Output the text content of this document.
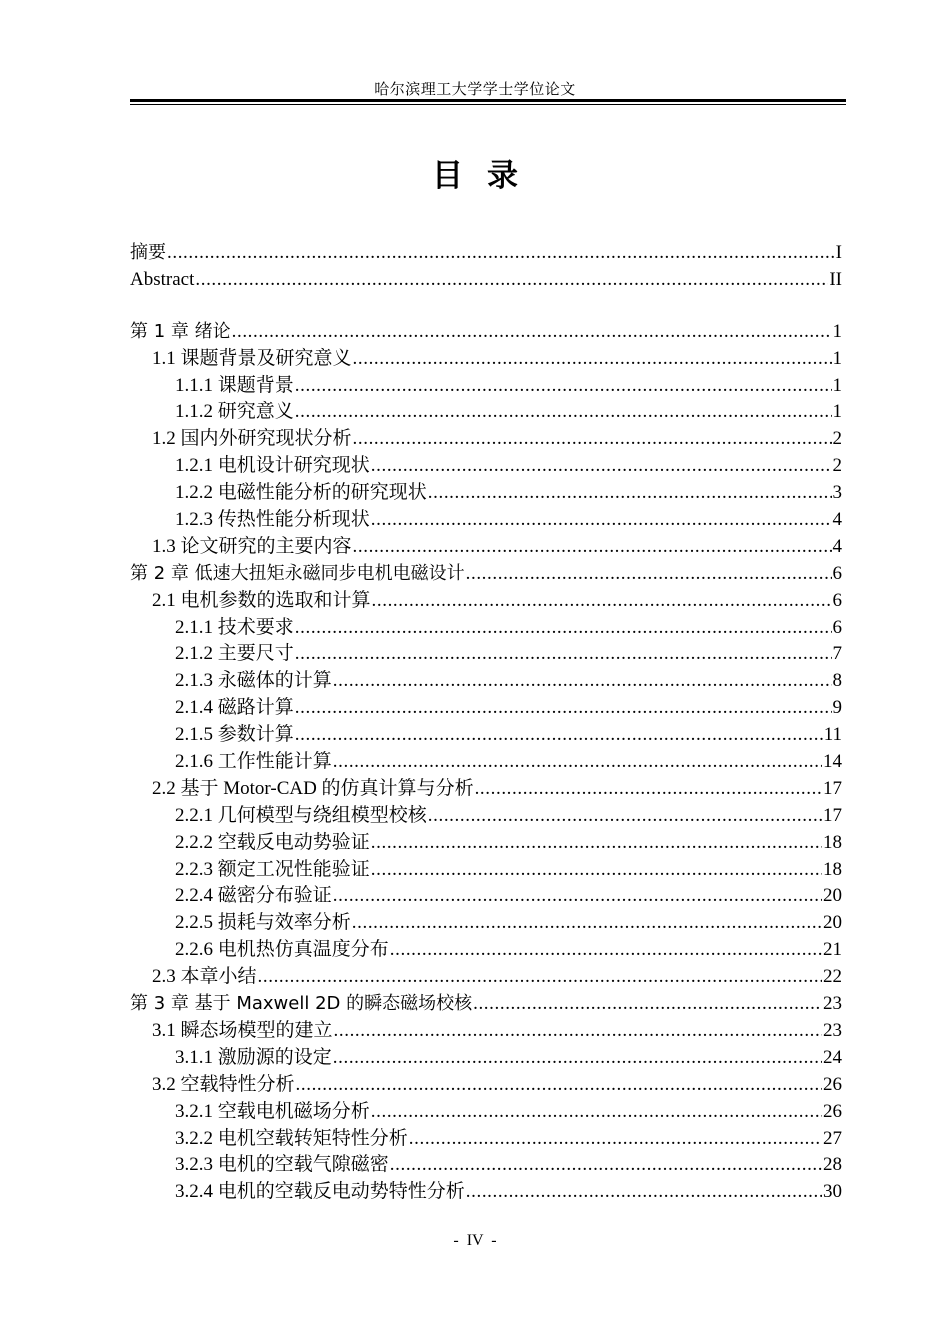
哈尔滨理工大学学士学位论文
目录
摘要 .....	I
Abstract .....	II
第 1 章 绪论 .....	1
1.1 课题背景及研究意义 .....	1
1.1.1 课题背景 .....	1
1.1.2 研究意义 .....	1
1.2 国内外研究现状分析 .....	2
1.2.1 电机设计研究现状 .....	2
1.2.2 电磁性能分析的研究现状 .....	3
1.2.3 传热性能分析现状 .....	4
1.3 论文研究的主要内容 .....	4
第 2 章 低速大扭矩永磁同步电机电磁设计 .....	6
2.1 电机参数的选取和计算 .....	6
2.1.1 技术要求 .....	6
2.1.2 主要尺寸 .....	7
2.1.3 永磁体的计算 .....	8
2.1.4 磁路计算 .....	9
2.1.5 参数计算 .....	11
2.1.6 工作性能计算 .....	14
2.2 基于 Motor-CAD 的仿真计算与分析 .....	17
2.2.1 几何模型与绕组模型校核 .....	17
2.2.2 空载反电动势验证 .....	18
2.2.3 额定工况性能验证 .....	18
2.2.4 磁密分布验证 .....	20
2.2.5 损耗与效率分析 .....	20
2.2.6 电机热仿真温度分布 .....	21
2.3 本章小结 .....	22
第 3 章 基于 Maxwell 2D 的瞬态磁场校核 .....	23
3.1 瞬态场模型的建立 .....	23
3.1.1 激励源的设定 .....	24
3.2 空载特性分析 .....	26
3.2.1 空载电机磁场分析 .....	26
3.2.2 电机空载转矩特性分析 .....	27
3.2.3 电机的空载气隙磁密 .....	28
3.2.4 电机的空载反电动势特性分析 .....	30
- IV -
